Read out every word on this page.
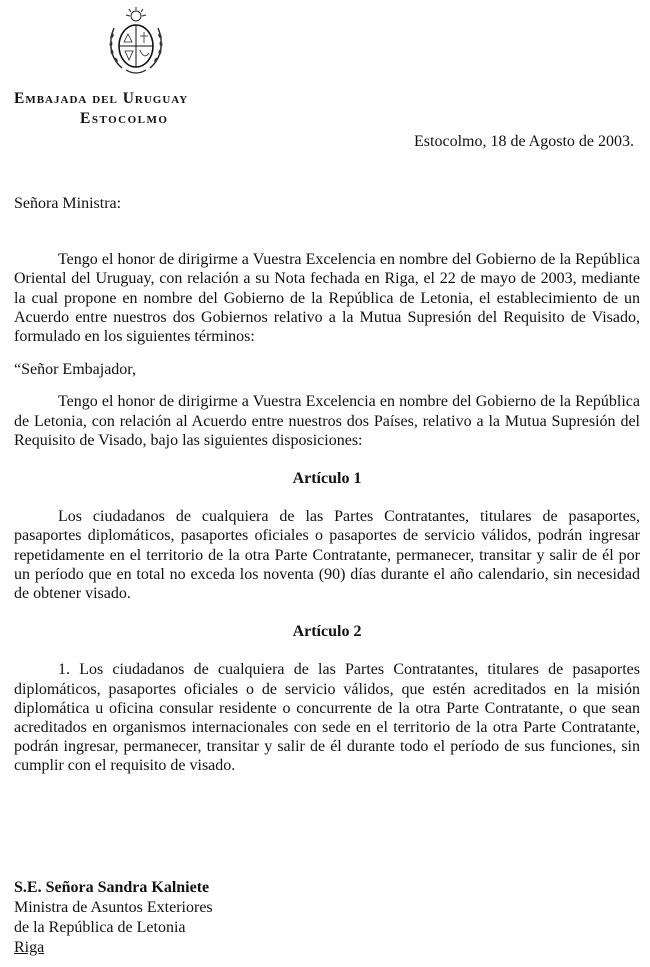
Embajada del Uruguay
Estocolmo
Estocolmo, 18 de Agosto de 2003.

Señora Ministra:

Tengo el honor de dirigirme a Vuestra Excelencia en nombre del Gobierno de la República Oriental del Uruguay, con relación a su Nota fechada en Riga, el 22 de mayo de 2003, mediante la cual propone en nombre del Gobierno de la República de Letonia, el establecimiento de un Acuerdo entre nuestros dos Gobiernos relativo a la Mutua Supresión del Requisito de Visado, formulado en los siguientes términos:

“Señor Embajador,

Tengo el honor de dirigirme a Vuestra Excelencia en nombre del Gobierno de la República de Letonia, con relación al Acuerdo entre nuestros dos Países, relativo a la Mutua Supresión del Requisito de Visado, bajo las siguientes disposiciones:

Artículo 1

Los ciudadanos de cualquiera de las Partes Contratantes, titulares de pasaportes, pasaportes diplomáticos, pasaportes oficiales o pasaportes de servicio válidos, podrán ingresar repetidamente en el territorio de la otra Parte Contratante, permanecer, transitar y salir de él por un período que en total no exceda los noventa (90) días durante el año calendario, sin necesidad de obtener visado.

Artículo 2

1. Los ciudadanos de cualquiera de las Partes Contratantes, titulares de pasaportes diplomáticos, pasaportes oficiales o de servicio válidos, que estén acreditados en la misión diplomática u oficina consular residente o concurrente de la otra Parte Contratante, o que sean acreditados en organismos internacionales con sede en el territorio de la otra Parte Contratante, podrán ingresar, permanecer, transitar y salir de él durante todo el período de sus funciones, sin cumplir con el requisito de visado.

S.E. Señora Sandra Kalniete
Ministra de Asuntos Exteriores
de la República de Letonia
Riga
